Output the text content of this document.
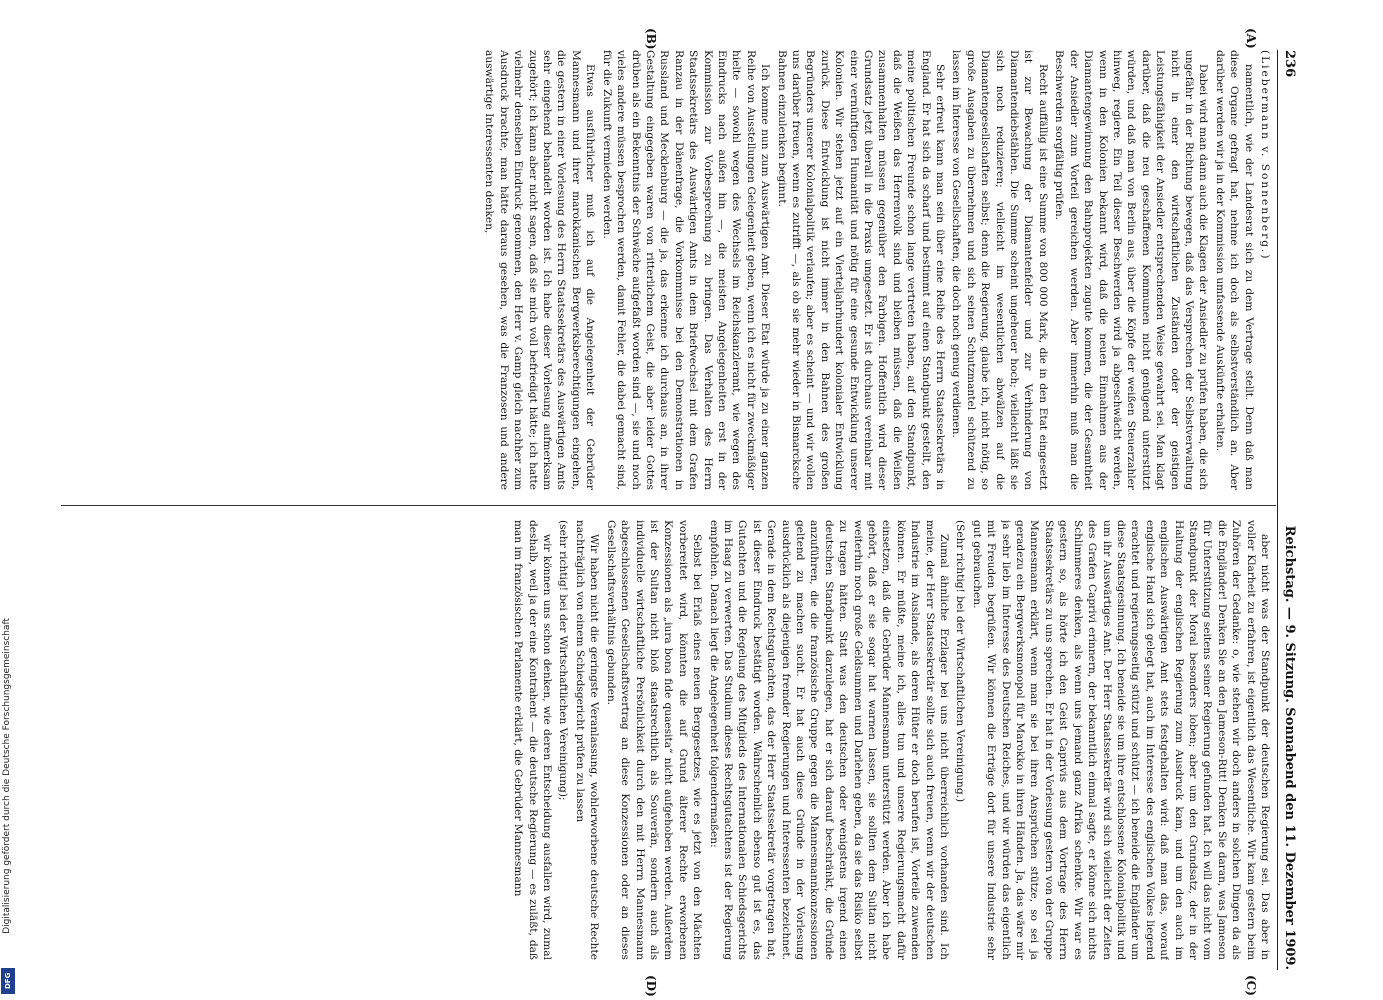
236
Reichstag. — 9. Sitzung. Sonnabend den 11. Dezember 1909.

(Liebermann v. Sonnenberg.)

namentlich, wie der Landesrat sich zu dem Vertrage stellt. Denn daß man diese Organe gefragt hat, nehme ich doch als selbstverständlich an. Aber darüber werden wir ja in der Kommission umfassende Auskünfte erhalten.

Dabei wird man dann auch die Klagen der Ansiedler zu prüfen haben, die sich ungefähr in der Richtung bewegen, daß das Versprechen der Selbstverwaltung nicht in einer den wirtschaftlichen Zuständen oder der geistigen Leistungsfähigkeit der Ansiedler entsprechenden Weise gewahrt sei. Man klagt darüber, daß die neu geschaffenen Kommunen nicht genügend unterstützt würden, und daß man von Berlin aus, über die Köpfe der weißen Steuerzahler hinweg, regiere. Ein Teil dieser Beschwerden wird ja abgeschwächt werden, wenn in den Kolonien bekannt wird, daß die neuen Einnahmen aus der Diamantengewinnung den Bahnprojekten zugute kommen, die der Gesamtheit der Ansiedler zum Vorteil gereichen werden. Aber immerhin muß man die Beschwerden sorgfältig prüfen.

Recht auffällig ist eine Summe von 800 000 Mark, die in den Etat eingesetzt ist zur Bewachung der Diamantenfelder und zur Verhinderung von Diamantendiebstählen. Die Summe scheint ungeheuer hoch; vielleicht läßt sie sich noch reduzieren; vielleicht im wesentlichen abwälzen auf die Diamantengesellschaften selbst; denn die Regierung, glaube ich, nicht nötig, so große Ausgaben zu übernehmen und sich seinen Schutzmantel schützend zu lassen im Interesse von Gesellschaften, die doch noch genug verdienen.

Sehr erfreut kann man sein über eine Reihe des Herrn Staatssekretärs in England. Er hat sich da scharf und bestimmt auf einen Standpunkt gestellt, den meine politischen Freunde schon lange vertreten haben, auf den Standpunkt, daß die Weißen das Herrenvolk sind und bleiben müssen, daß die Weißen zusammenhalten müssen gegenüber den Farbigen. Hoffentlich wird dieser Grundsatz jetzt überall in die Praxis umgesetzt. Er ist durchaus vereinbar mit einer vernünftigen Humanität und nötig für eine gesunde Entwicklung unserer Kolonien. Wir stehen jetzt auf ein Vierteljahrhundert kolonialer Entwicklung zurück. Diese Entwicklung ist nicht immer in den Bahnen des großen Begründers unserer Kolonialpolitik verlaufen; aber es scheint — und wir wollen uns darüber freuen, wenn es zutrifft —, als ob sie mehr wieder in Bismarcksche Bahnen einzulenken beginnt.

Ich komme nun zum Auswärtigen Amt. Dieser Etat würde ja zu einer ganzen Reihe von Ausstellungen Gelegenheit geben, wenn ich es nicht für zweckmäßiger hielte — sowohl wegen des Wechsels im Reichskanzleramt, wie wegen des Eindrucks nach außen hin —, die meisten Angelegenheiten erst in der Kommission zur Vorbesprechung zu bringen. Das Verhalten des Herrn Staatssekretärs des Auswärtigen Amts in dem Briefwechsel mit dem Grafen Ranzau in der Dänenfrage, die Vorkommnisse bei den Demonstrationen in Russland und Mecklenburg — die ja, das erkenne ich durchaus an, in ihrer Gestaltung eingegeben waren von ritterlichem Geist, die aber leider Gottes drüben als ein Bekenntnis der Schwäche aufgefaßt worden sind —, sie und noch vieles andere müssen besprochen werden, damit Fehler, die dabei gemacht sind, für die Zukunft vermieden werden.

Etwas ausführlicher muß ich auf die Angelegenheit der Gebrüder Mannesmann und ihrer marokkanischen Bergwerksberechtigungen eingehen, die gestern in einer Vorlesung des Herrn Staatssekretärs des Auswärtigen Amts sehr eingehend behandelt worden ist. Ich habe dieser Vorlesung aufmerksam zugehört; ich kann aber nicht sagen, daß sie mich voll befriedigt hätte; ich hatte vielmehr denselben Eindruck genommen, den Herr v. Gamp gleich nachher zum Ausdruck brachte, man hätte daraus gesehen, was die Franzosen und andere auswärtige Interessenten denken,

aber nicht was der Standpunkt der deutschen Regierung sei. Das aber in voller Klarheit zu erfahren, ist eigentlich das Wesentliche. Wir kam gestern beim Zuhören der Gedanke: o, wie stehen wir doch anders in solchen Dingen da als die Engländer! Denken Sie an den Jameson-Ritt! Denken Sie daran, was Jameson für Unterstützung seitens seiner Regierung gefunden hat. Ich will das nicht vom Standpunkt der Moral besonders loben; aber um den Grundsatz, der in der Haltung der englischen Regierung zum Ausdruck kam, und um den auch im englischen Auswärtigen Amt stets festgehalten wird: daß man das, worauf englische Hand sich gelegt hat, auch im Interesse des englischen Volkes liegend erachtet und regierungsseitig stützt und schützt — ich beneide die Engländer um diese Staatsgesinnung. Ich beneide sie um ihre entschlossene Kolonialpolitik und um ihr Auswärtiges Amt. Der Herr Staatssekretär wird sich vielleicht der Zeiten des Grafen Caprivi erinnern, der bekanntlich einmal sagte, er könne sich nichts Schlimmeres denken, als wenn uns jemand ganz Afrika schenkte. Wir war es gestern so, als hörte ich den Geist Caprivis aus dem Vortrage des Herrn Staatssekretärs zu uns sprechen. Er hat in der Vorlesung gestern von der Gruppe Mannesmann erklärt, wenn man sie bei ihren Ansprüchen stütze, so sei ja geradezu ein Bergwerksmonopol für Marokko in ihren Händen. Ja, das wäre mir ja sehr lieb im Interesse des Deutschen Reiches, und wir würden das eigentlich mit Freuden begrüßen. Wir können die Erträge dort für unsere Industrie sehr gut gebrauchen.

(Sehr richtig! bei der Wirtschaftlichen Vereinigung.)

Zumal ähnliche Erzlager bei uns nicht überreichlich vorhanden sind. Ich meine, der Herr Staatssekretär sollte sich auch freuen, wenn wir der deutschen Industrie im Auslande, als deren Hüter er doch berufen ist, Vorteile zuwenden können. Er müßte, meine ich, alles tun und unsere Regierungsmacht dafür einsetzen, daß die Gebrüder Mannesmann unterstützt werden. Aber ich habe gehört, daß er sie sogar hat warnen lassen, sie sollten dem Sultan nicht weiterhin noch große Geldsummen und Darlehen geben, da sie das Risiko selbst zu tragen hätten. Statt was den deutschen oder wenigstens irgend einen deutschen Standpunkt darzulegen, hat er sich darauf beschränkt, die Gründe anzuführen, die die französische Gruppe gegen die Mannesmannkonzessionen geltend zu machen sucht. Er hat auch diese Gründe in der Vorlesung ausdrücklich als diejenigen fremder Regierungen und Interessenten bezeichnet. Gerade in dem Rechtsgutachten, das der Herr Staatssekretär vorgetragen hat, ist dieser Eindruck bestätigt worden. Wahrscheinlich ebenso gut ist es, das Gutachten und die Regelung des Mitglieds des Internationalen Schiedsgerichts im Haag zu verwerten. Das Studium dieses Rechtsgutachtens ist der Regierung empfohlen. Danach liegt die Angelegenheit folgendermaßen:

Selbst bei Erlaß eines neuen Berggesetzes, wie es jetzt von den Mächten vorbereitet wird, könnten die auf Grund älterer Rechte erworbenen Konzessionen als „iura bona fide quaesita“ nicht aufgehoben werden. Außerdem ist der Sultan nicht bloß staatsrechtlich als Souverän, sondern auch als individuelle wirtschaftliche Persönlichkeit durch den mit Herrn Mannesmann abgeschlossenen Gesellschaftsvertrag an diese Konzessionen oder an dieses Gesellschaftsverhältnis gebunden.

Wir haben nicht die geringste Veranlassung, wohlerworbene deutsche Rechte nachträglich von einem Schiedsgericht prüfen zu lassen

(sehr richtig! bei der Wirtschaftlichen Vereinigung);

wir können uns schon denken, wie deren Entscheidung ausfallen wird, zumal deshalb, weil ja der eine Kontrahent — die deutsche Regierung — es zuläßt, daß man im französischen Parlamente erklärt, die Gebrüder Mannesmann

(A)
(B)
(C)
(D)
Digitalisierung gefördert durch die Deutsche Forschungsgemeinschaft
DFG
